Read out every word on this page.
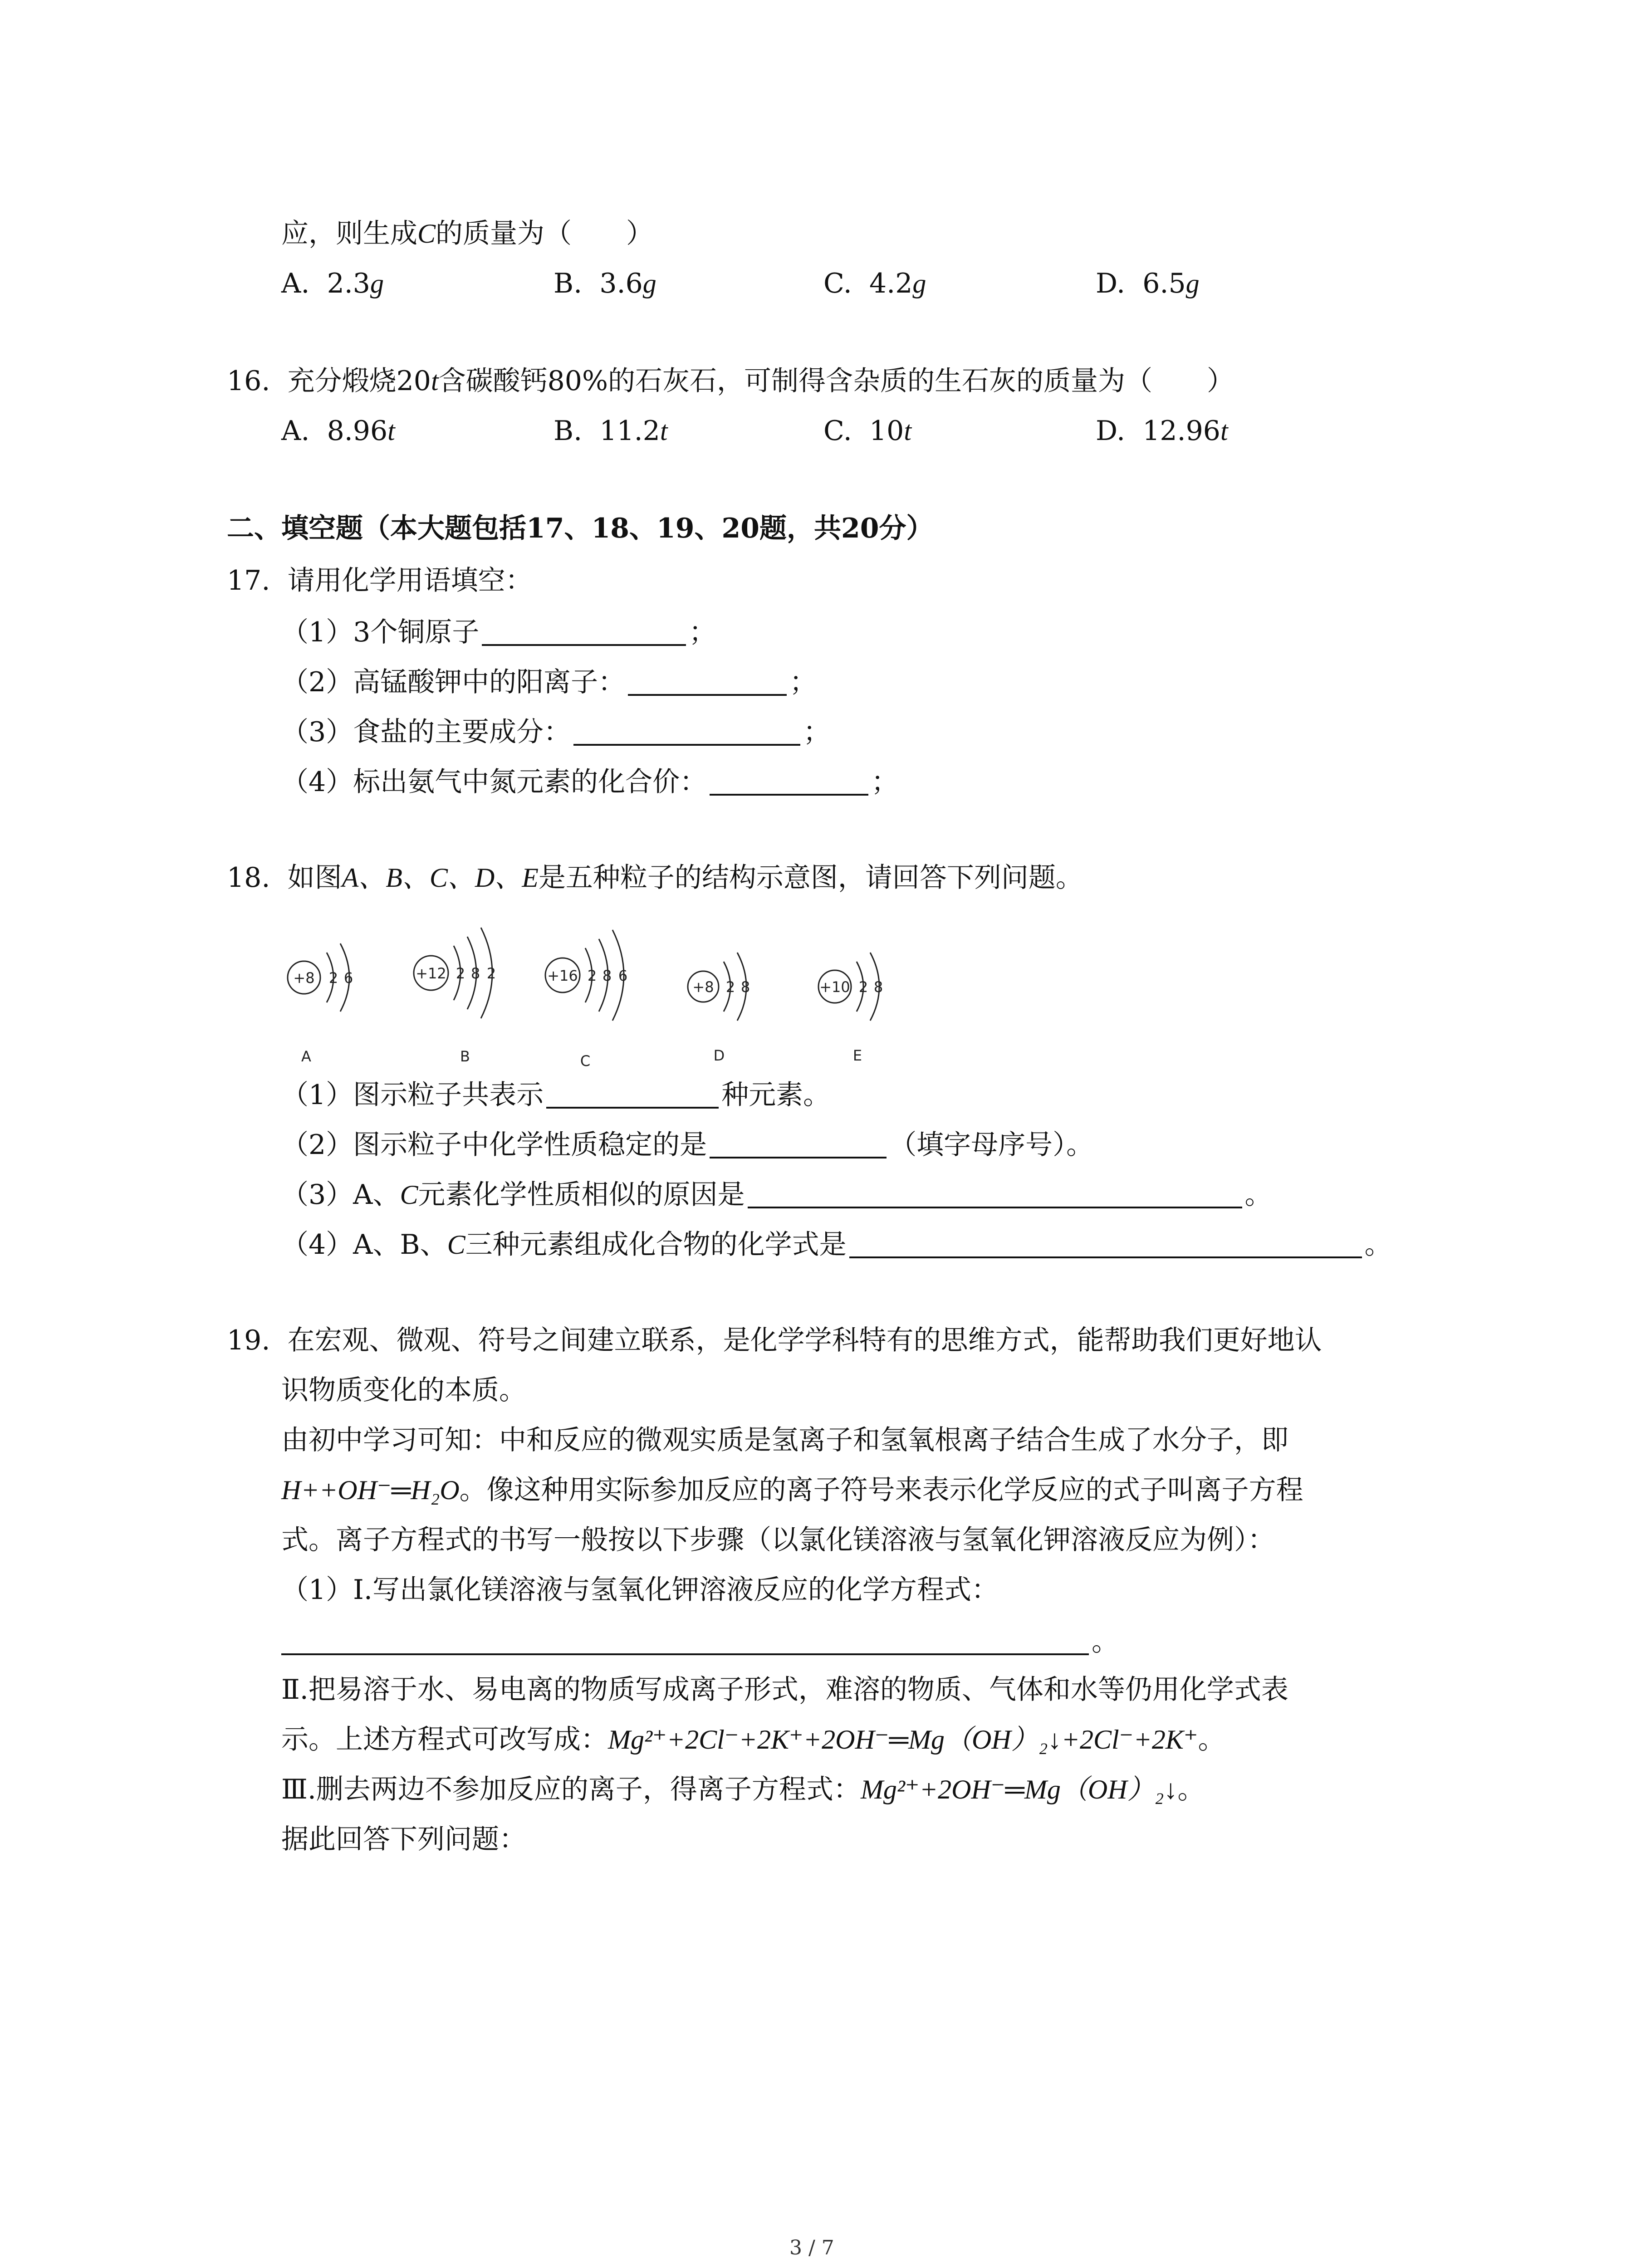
应，则生成C的质量为（　　）
A. 2.3g	B. 3.6g	C. 4.2g	D. 6.5g
16. 充分煅烧20t含碳酸钙80%的石灰石，可制得含杂质的生石灰的质量为（　　）
A. 8.96t	B. 11.2t	C. 10t	D. 12.96t
二、填空题（本大题包括17、18、19、20题，共20分）
17. 请用化学用语填空：
（1）3个铜原子	；
（2）高锰酸钾中的阳离子：	；
（3）食盐的主要成分：	；
（4）标出氨气中氮元素的化合价：	；
18. 如图A、B、C、D、E是五种粒子的结构示意图，请回答下列问题。
+8 2 6	+12 2 8 2	+16 2 8 6
+8 2 8	+10 2 8
A	B	C	D	E
（1）图示粒子共表示	种元素。
（2）图示粒子中化学性质稳定的是	（填字母序号）。
（3）A、C元素化学性质相似的原因是	。
（4）A、B、C三种元素组成化合物的化学式是	。
19. 在宏观、微观、符号之间建立联系，是化学学科特有的思维方式，能帮助我们更好地认
识物质变化的本质。
由初中学习可知：中和反应的微观实质是氢离子和氢氧根离子结合生成了水分子，即
H++OH⁻═H₂O。像这种用实际参加反应的离子符号来表示化学反应的式子叫离子方程
式。离子方程式的书写一般按以下步骤（以氯化镁溶液与氢氧化钾溶液反应为例）：
（1）Ⅰ.写出氯化镁溶液与氢氧化钾溶液反应的化学方程式：
。
Ⅱ.把易溶于水、易电离的物质写成离子形式，难溶的物质、气体和水等仍用化学式表
示。上述方程式可改写成：Mg²⁺+2Cl⁻+2K⁺+2OH⁻═Mg（OH）₂↓+2Cl⁻+2K⁺。
Ⅲ.删去两边不参加反应的离子，得离子方程式：Mg²⁺+2OH⁻═Mg（OH）₂↓。
据此回答下列问题：
3 / 7
